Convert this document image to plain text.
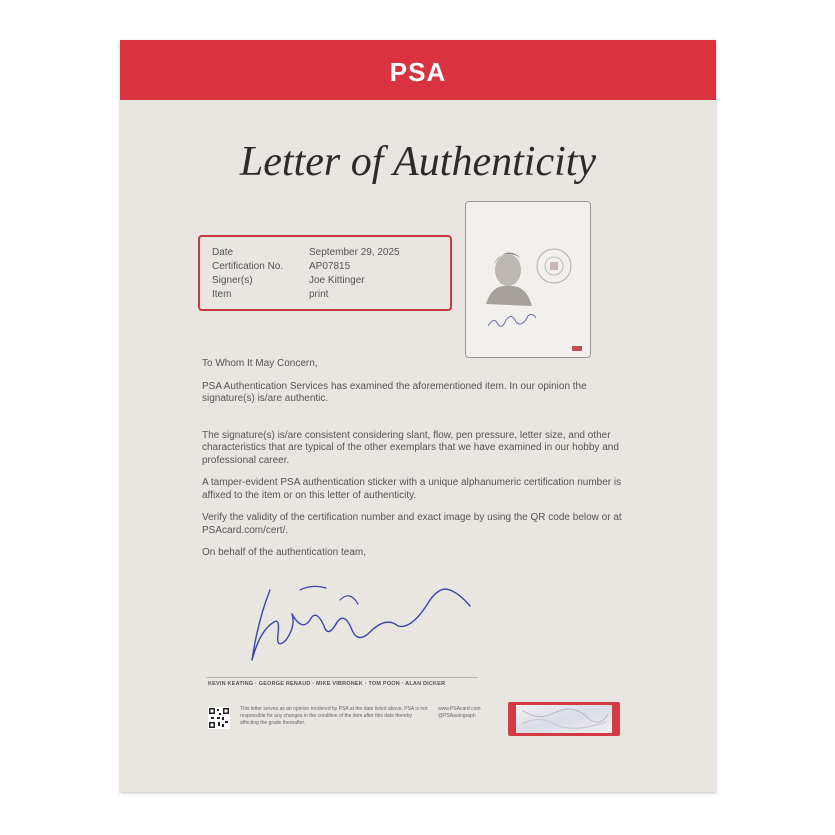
PSA
Letter of Authenticity
Date	September 29, 2025
Certification No.	AP07815
Signer(s)	Joe Kittinger
Item	print

To Whom It May Concern,

PSA Authentication Services has examined the aforementioned item. In our opinion the signature(s) is/are authentic.

The signature(s) is/are consistent considering slant, flow, pen pressure, letter size, and other characteristics that are typical of the other exemplars that we have examined in our hobby and professional career.

A tamper-evident PSA authentication sticker with a unique alphanumeric certification number is affixed to the item or on this letter of authenticity.

Verify the validity of the certification number and exact image by using the QR code below or at PSAcard.com/cert/.

On behalf of the authentication team,

KEVIN KEATING · GEORGE RENAUD · MIKE VIBRONEK · TOM POON · ALAN DICKER
This letter serves as an opinion rendered by PSA at the date listed above. PSA is not responsible for any changes in the condition of the item after this date thereby affecting the grade thereafter.
www.PSAcard.com
@PSAautograph
